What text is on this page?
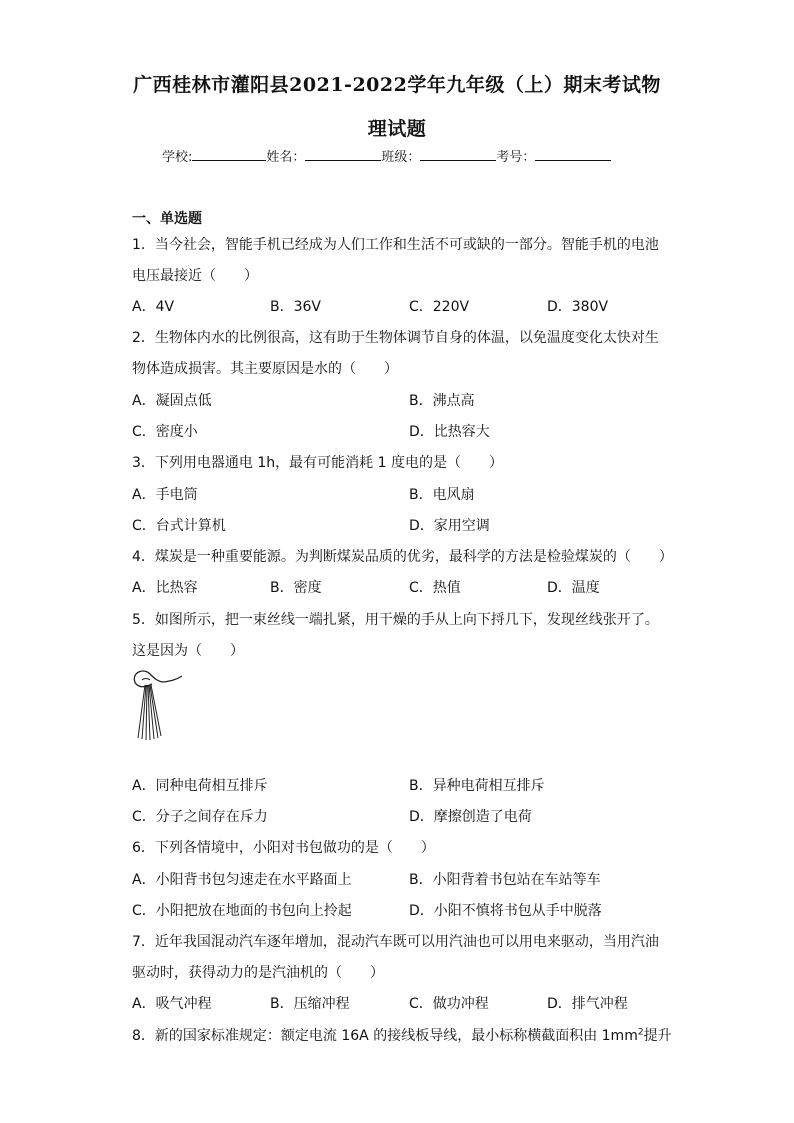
广西桂林市灌阳县2021-2022学年九年级（上）期末考试物
理试题
学校:	姓名：	班级：	考号：
一、单选题
1．当今社会，智能手机已经成为人们工作和生活不可或缺的一部分。智能手机的电池
电压最接近（　　）
A．4V	B．36V	C．220V	D．380V
2．生物体内水的比例很高，这有助于生物体调节自身的体温，以免温度变化太快对生
物体造成损害。其主要原因是水的（　　）
A．凝固点低	B．沸点高
C．密度小	D．比热容大
3．下列用电器通电 1h，最有可能消耗 1 度电的是（　　）
A．手电筒	B．电风扇
C．台式计算机	D．家用空调
4．煤炭是一种重要能源。为判断煤炭品质的优劣，最科学的方法是检验煤炭的（　　）
A．比热容	B．密度	C．热值	D．温度
5．如图所示，把一束丝线一端扎紧，用干燥的手从上向下捋几下，发现丝线张开了。
这是因为（　　）
A．同种电荷相互排斥	B．异种电荷相互排斥
C．分子之间存在斥力	D．摩擦创造了电荷
6．下列各情境中，小阳对书包做功的是（　　）
A．小阳背书包匀速走在水平路面上	B．小阳背着书包站在车站等车
C．小阳把放在地面的书包向上拎起	D．小阳不慎将书包从手中脱落
7．近年我国混动汽车逐年增加，混动汽车既可以用汽油也可以用电来驱动，当用汽油
驱动时，获得动力的是汽油机的（　　）
A．吸气冲程	B．压缩冲程	C．做功冲程	D．排气冲程
8．新的国家标准规定：额定电流 16A 的接线板导线，最小标称横截面积由 $1mm^2$提升
